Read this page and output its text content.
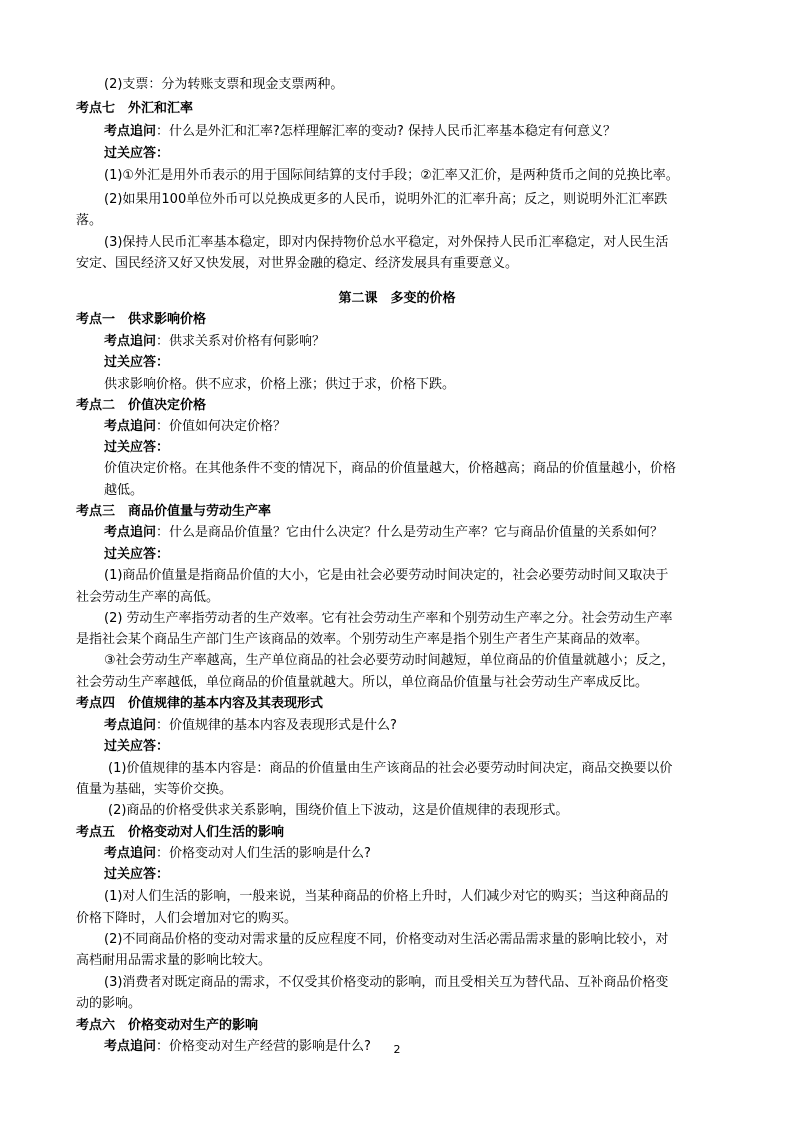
(2)支票：分为转账支票和现金支票两种。
考点七　外汇和汇率
考点追问：什么是外汇和汇率?怎样理解汇率的变动? 保持人民币汇率基本稳定有何意义？
过关应答：
(1)①外汇是用外币表示的用于国际间结算的支付手段；②汇率又汇价，是两种货币之间的兑换比率。
(2)如果用100单位外币可以兑换成更多的人民币，说明外汇的汇率升高；反之，则说明外汇汇率跌
落。
(3)保持人民币汇率基本稳定，即对内保持物价总水平稳定，对外保持人民币汇率稳定，对人民生活
安定、国民经济又好又快发展，对世界金融的稳定、经济发展具有重要意义。
第二课　多变的价格
考点一　供求影响价格
考点追问：供求关系对价格有何影响？
过关应答：
供求影响价格。供不应求，价格上涨；供过于求，价格下跌。
考点二　价值决定价格
考点追问：价值如何决定价格？
过关应答：
价值决定价格。在其他条件不变的情况下，商品的价值量越大，价格越高；商品的价值量越小，价格
越低。
考点三　商品价值量与劳动生产率
考点追问：什么是商品价值量？它由什么决定？什么是劳动生产率？它与商品价值量的关系如何？
过关应答：
(1)商品价值量是指商品价值的大小，它是由社会必要劳动时间决定的，社会必要劳动时间又取决于
社会劳动生产率的高低。
(2) 劳动生产率指劳动者的生产效率。它有社会劳动生产率和个别劳动生产率之分。社会劳动生产率
是指社会某个商品生产部门生产该商品的效率。个别劳动生产率是指个别生产者生产某商品的效率。
③社会劳动生产率越高，生产单位商品的社会必要劳动时间越短，单位商品的价值量就越小；反之，
社会劳动生产率越低，单位商品的价值量就越大。所以，单位商品价值量与社会劳动生产率成反比。
考点四　价值规律的基本内容及其表现形式
考点追问：价值规律的基本内容及表现形式是什么?
过关应答：
(1)价值规律的基本内容是：商品的价值量由生产该商品的社会必要劳动时间决定，商品交换要以价
值量为基础，实等价交换。
(2)商品的价格受供求关系影响，围绕价值上下波动，这是价值规律的表现形式。
考点五　价格变动对人们生活的影响
考点追问：价格变动对人们生活的影响是什么?
过关应答：
(1)对人们生活的影响，一般来说，当某种商品的价格上升时，人们减少对它的购买；当这种商品的
价格下降时，人们会增加对它的购买。
(2)不同商品价格的变动对需求量的反应程度不同，价格变动对生活必需品需求量的影响比较小，对
高档耐用品需求量的影响比较大。
(3)消费者对既定商品的需求，不仅受其价格变动的影响，而且受相关互为替代品、互补商品价格变
动的影响。
考点六　价格变动对生产的影响
考点追问：价格变动对生产经营的影响是什么?	2
